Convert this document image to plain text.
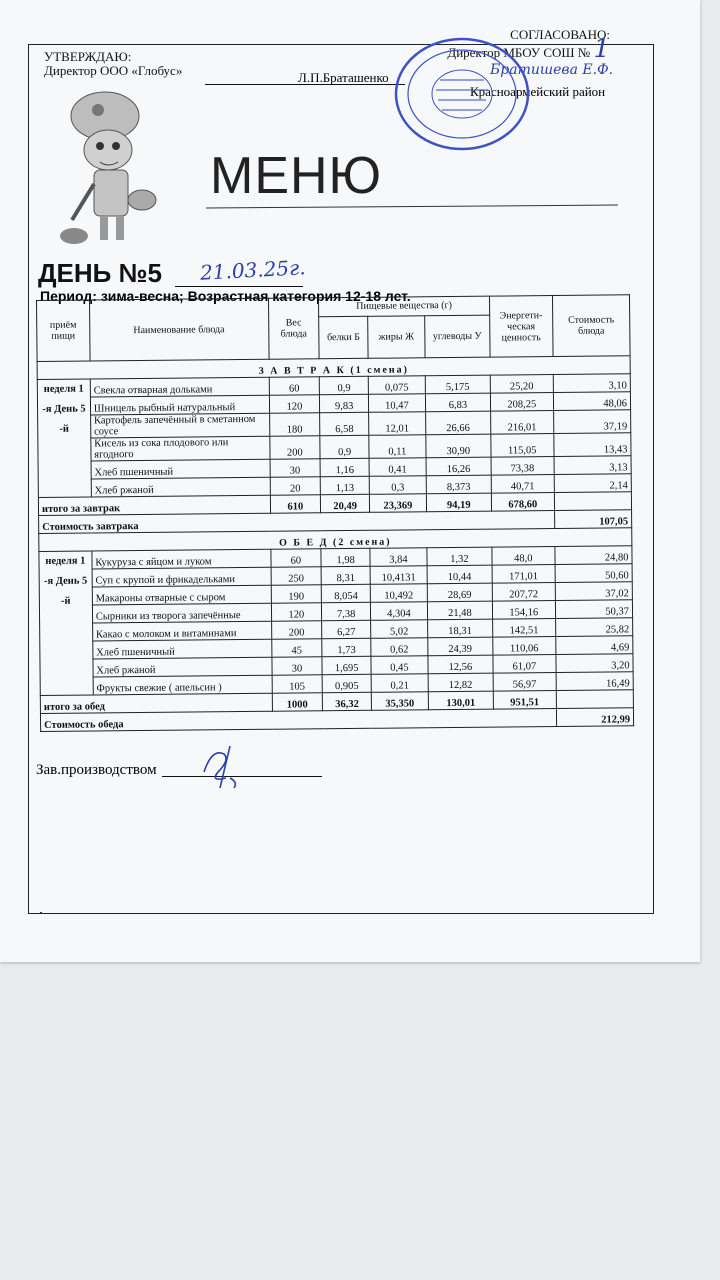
УТВЕРЖДАЮ:
Директор ООО «Глобус»	Л.П.Браташенко
СОГЛАСОВАНО:
Директор МБОУ СОШ № 1
Братишева Е.Ф.
Красноармейский район
МЕНЮ
ДЕНЬ №5 21.03.25г.
Период: зима-весна; Возрастная категория 12-18 лет.
приём пищи	Наименование блюда	Вес блюда	Пищевые вещества (г)			Энергети-ческая ценность	Стоимость блюда
			белки Б	жиры Ж	углеводы У		
З А В Т Р А К (1 смена)							
неделя 1 -я День 5 -й	Свекла отварная дольками	60	0,9	0,075	5,175	25,20	3,10
	Шницель рыбный натуральный	120	9,83	10,47	6,83	208,25	48,06
	Картофель запечённый в сметанном соусе	180	6,58	12,01	26,66	216,01	37,19
	Кисель из сока плодового или ягодного	200	0,9	0,11	30,90	115,05	13,43
	Хлеб пшеничный	30	1,16	0,41	16,26	73,38	3,13
	Хлеб ржаной	20	1,13	0,3	8,373	40,71	2,14
итого за завтрак		610	20,49	23,369	94,19	678,60	
Стоимость завтрака							107,05
О Б Е Д (2 смена)							
неделя 1 -я День 5 -й	Кукуруза с яйцом и луком	60	1,98	3,84	1,32	48,0	24,80
	Суп с крупой и фрикадельками	250	8,31	10,4131	10,44	171,01	50,60
	Макароны отварные с сыром	190	8,054	10,492	28,69	207,72	37,02
	Сырники из творога запечённые	120	7,38	4,304	21,48	154,16	50,37
	Какао с молоком и витаминами	200	6,27	5,02	18,31	142,51	25,82
	Хлеб пшеничный	45	1,73	0,62	24,39	110,06	4,69
	Хлеб ржаной	30	1,695	0,45	12,56	61,07	3,20
	Фрукты свежие ( апельсин )	105	0,905	0,21	12,82	56,97	16,49
итого за обед		1000	36,32	35,350	130,01	951,51	
Стоимость обеда							212,99
Зав.производством
